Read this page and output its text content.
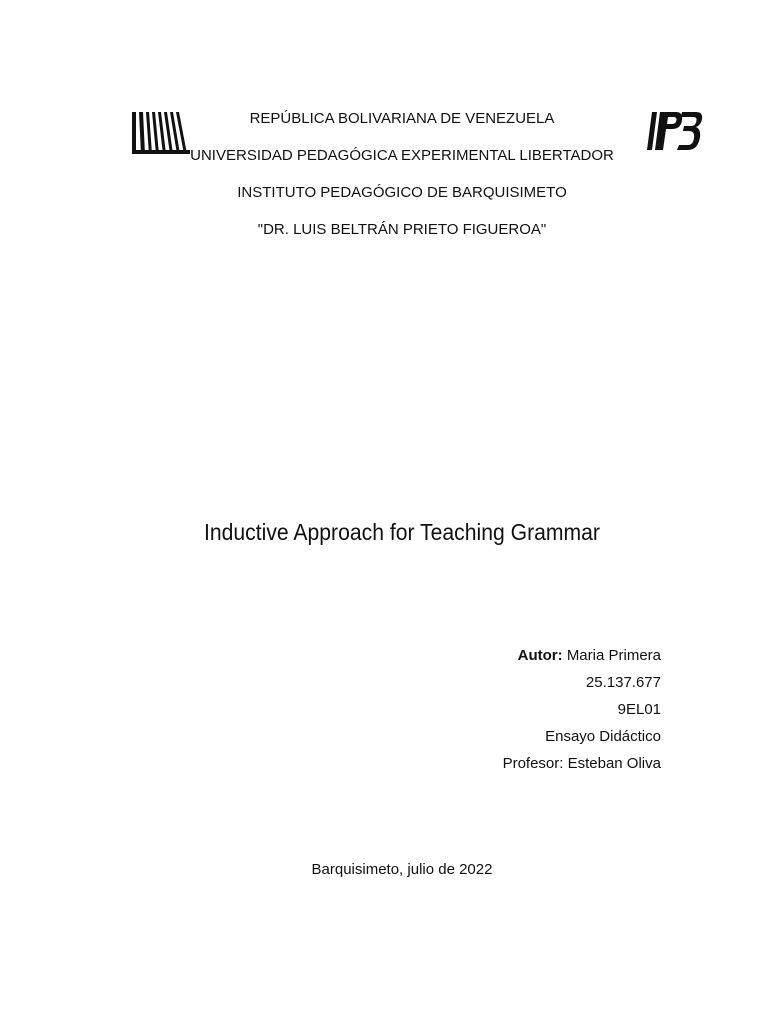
REPÚBLICA BOLIVARIANA DE VENEZUELA
UNIVERSIDAD PEDAGÓGICA EXPERIMENTAL LIBERTADOR
INSTITUTO PEDAGÓGICO DE BARQUISIMETO
"DR. LUIS BELTRÁN PRIETO FIGUEROA"
Inductive Approach for Teaching Grammar
Autor: Maria Primera
25.137.677
9EL01
Ensayo Didáctico
Profesor: Esteban Oliva
Barquisimeto, julio de 2022
